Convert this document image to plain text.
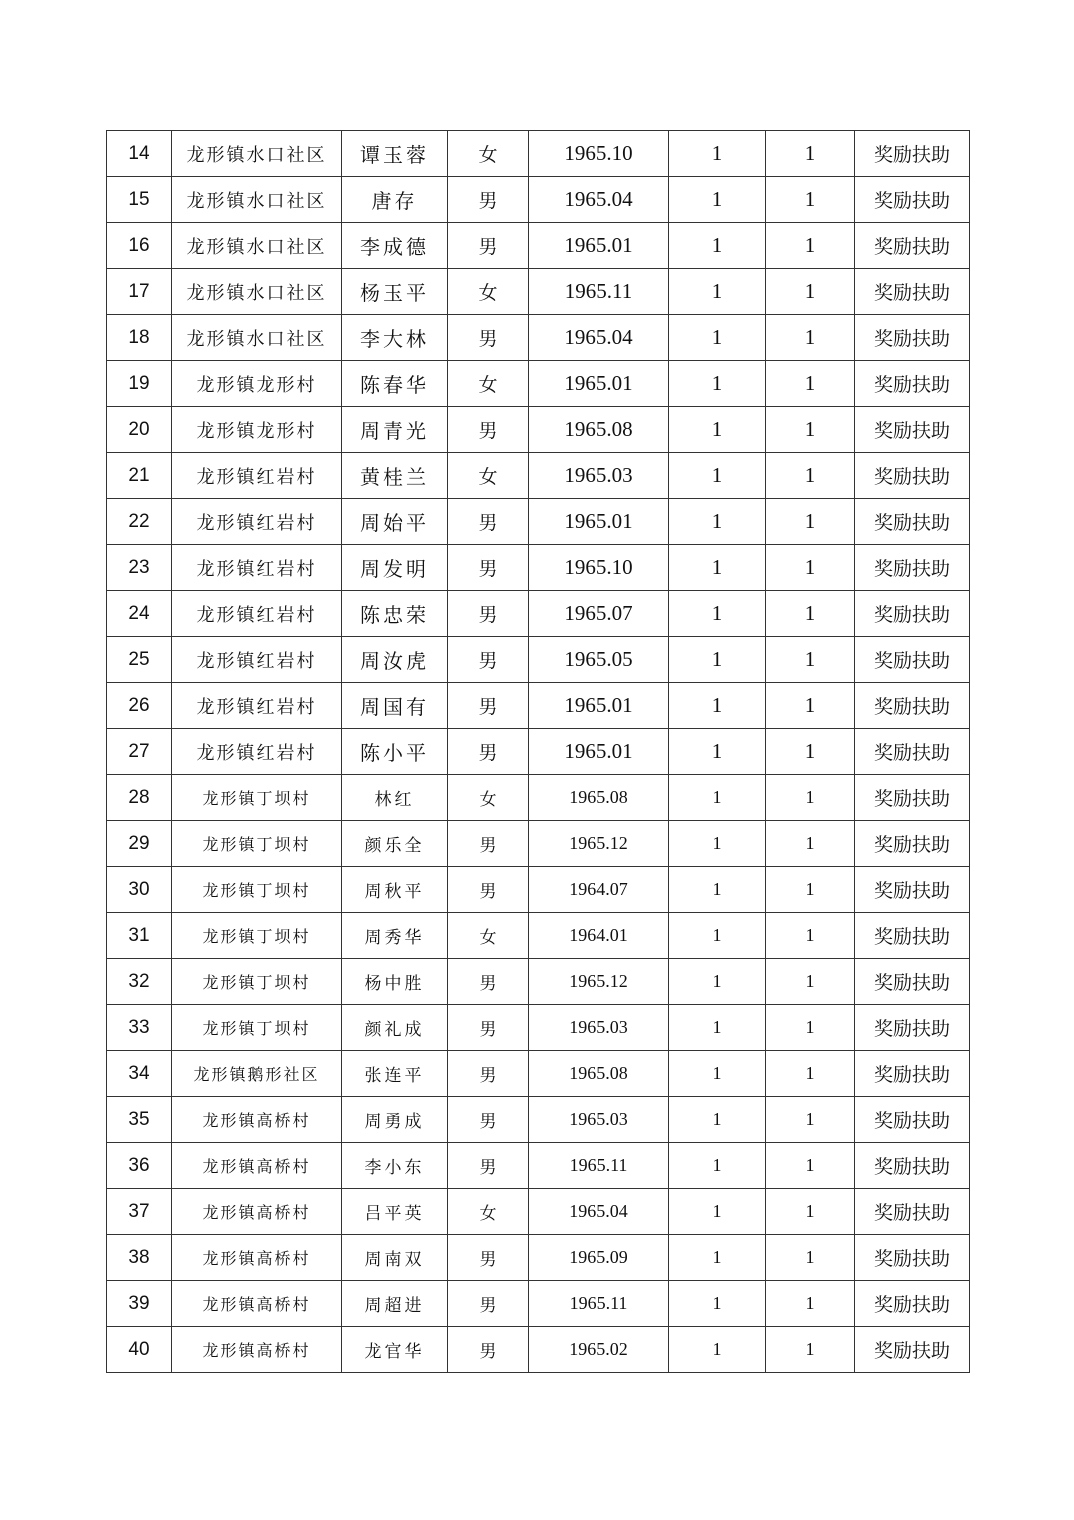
14	龙形镇水口社区	谭玉蓉	女	1965.10	1	1	奖励扶助
15	龙形镇水口社区	唐存	男	1965.04	1	1	奖励扶助
16	龙形镇水口社区	李成德	男	1965.01	1	1	奖励扶助
17	龙形镇水口社区	杨玉平	女	1965.11	1	1	奖励扶助
18	龙形镇水口社区	李大林	男	1965.04	1	1	奖励扶助
19	龙形镇龙形村	陈春华	女	1965.01	1	1	奖励扶助
20	龙形镇龙形村	周青光	男	1965.08	1	1	奖励扶助
21	龙形镇红岩村	黄桂兰	女	1965.03	1	1	奖励扶助
22	龙形镇红岩村	周始平	男	1965.01	1	1	奖励扶助
23	龙形镇红岩村	周发明	男	1965.10	1	1	奖励扶助
24	龙形镇红岩村	陈忠荣	男	1965.07	1	1	奖励扶助
25	龙形镇红岩村	周汝虎	男	1965.05	1	1	奖励扶助
26	龙形镇红岩村	周国有	男	1965.01	1	1	奖励扶助
27	龙形镇红岩村	陈小平	男	1965.01	1	1	奖励扶助
28	龙形镇丁坝村	林红	女	1965.08	1	1	奖励扶助
29	龙形镇丁坝村	颜乐全	男	1965.12	1	1	奖励扶助
30	龙形镇丁坝村	周秋平	男	1964.07	1	1	奖励扶助
31	龙形镇丁坝村	周秀华	女	1964.01	1	1	奖励扶助
32	龙形镇丁坝村	杨中胜	男	1965.12	1	1	奖励扶助
33	龙形镇丁坝村	颜礼成	男	1965.03	1	1	奖励扶助
34	龙形镇鹅形社区	张连平	男	1965.08	1	1	奖励扶助
35	龙形镇高桥村	周勇成	男	1965.03	1	1	奖励扶助
36	龙形镇高桥村	李小东	男	1965.11	1	1	奖励扶助
37	龙形镇高桥村	吕平英	女	1965.04	1	1	奖励扶助
38	龙形镇高桥村	周南双	男	1965.09	1	1	奖励扶助
39	龙形镇高桥村	周超进	男	1965.11	1	1	奖励扶助
40	龙形镇高桥村	龙官华	男	1965.02	1	1	奖励扶助
